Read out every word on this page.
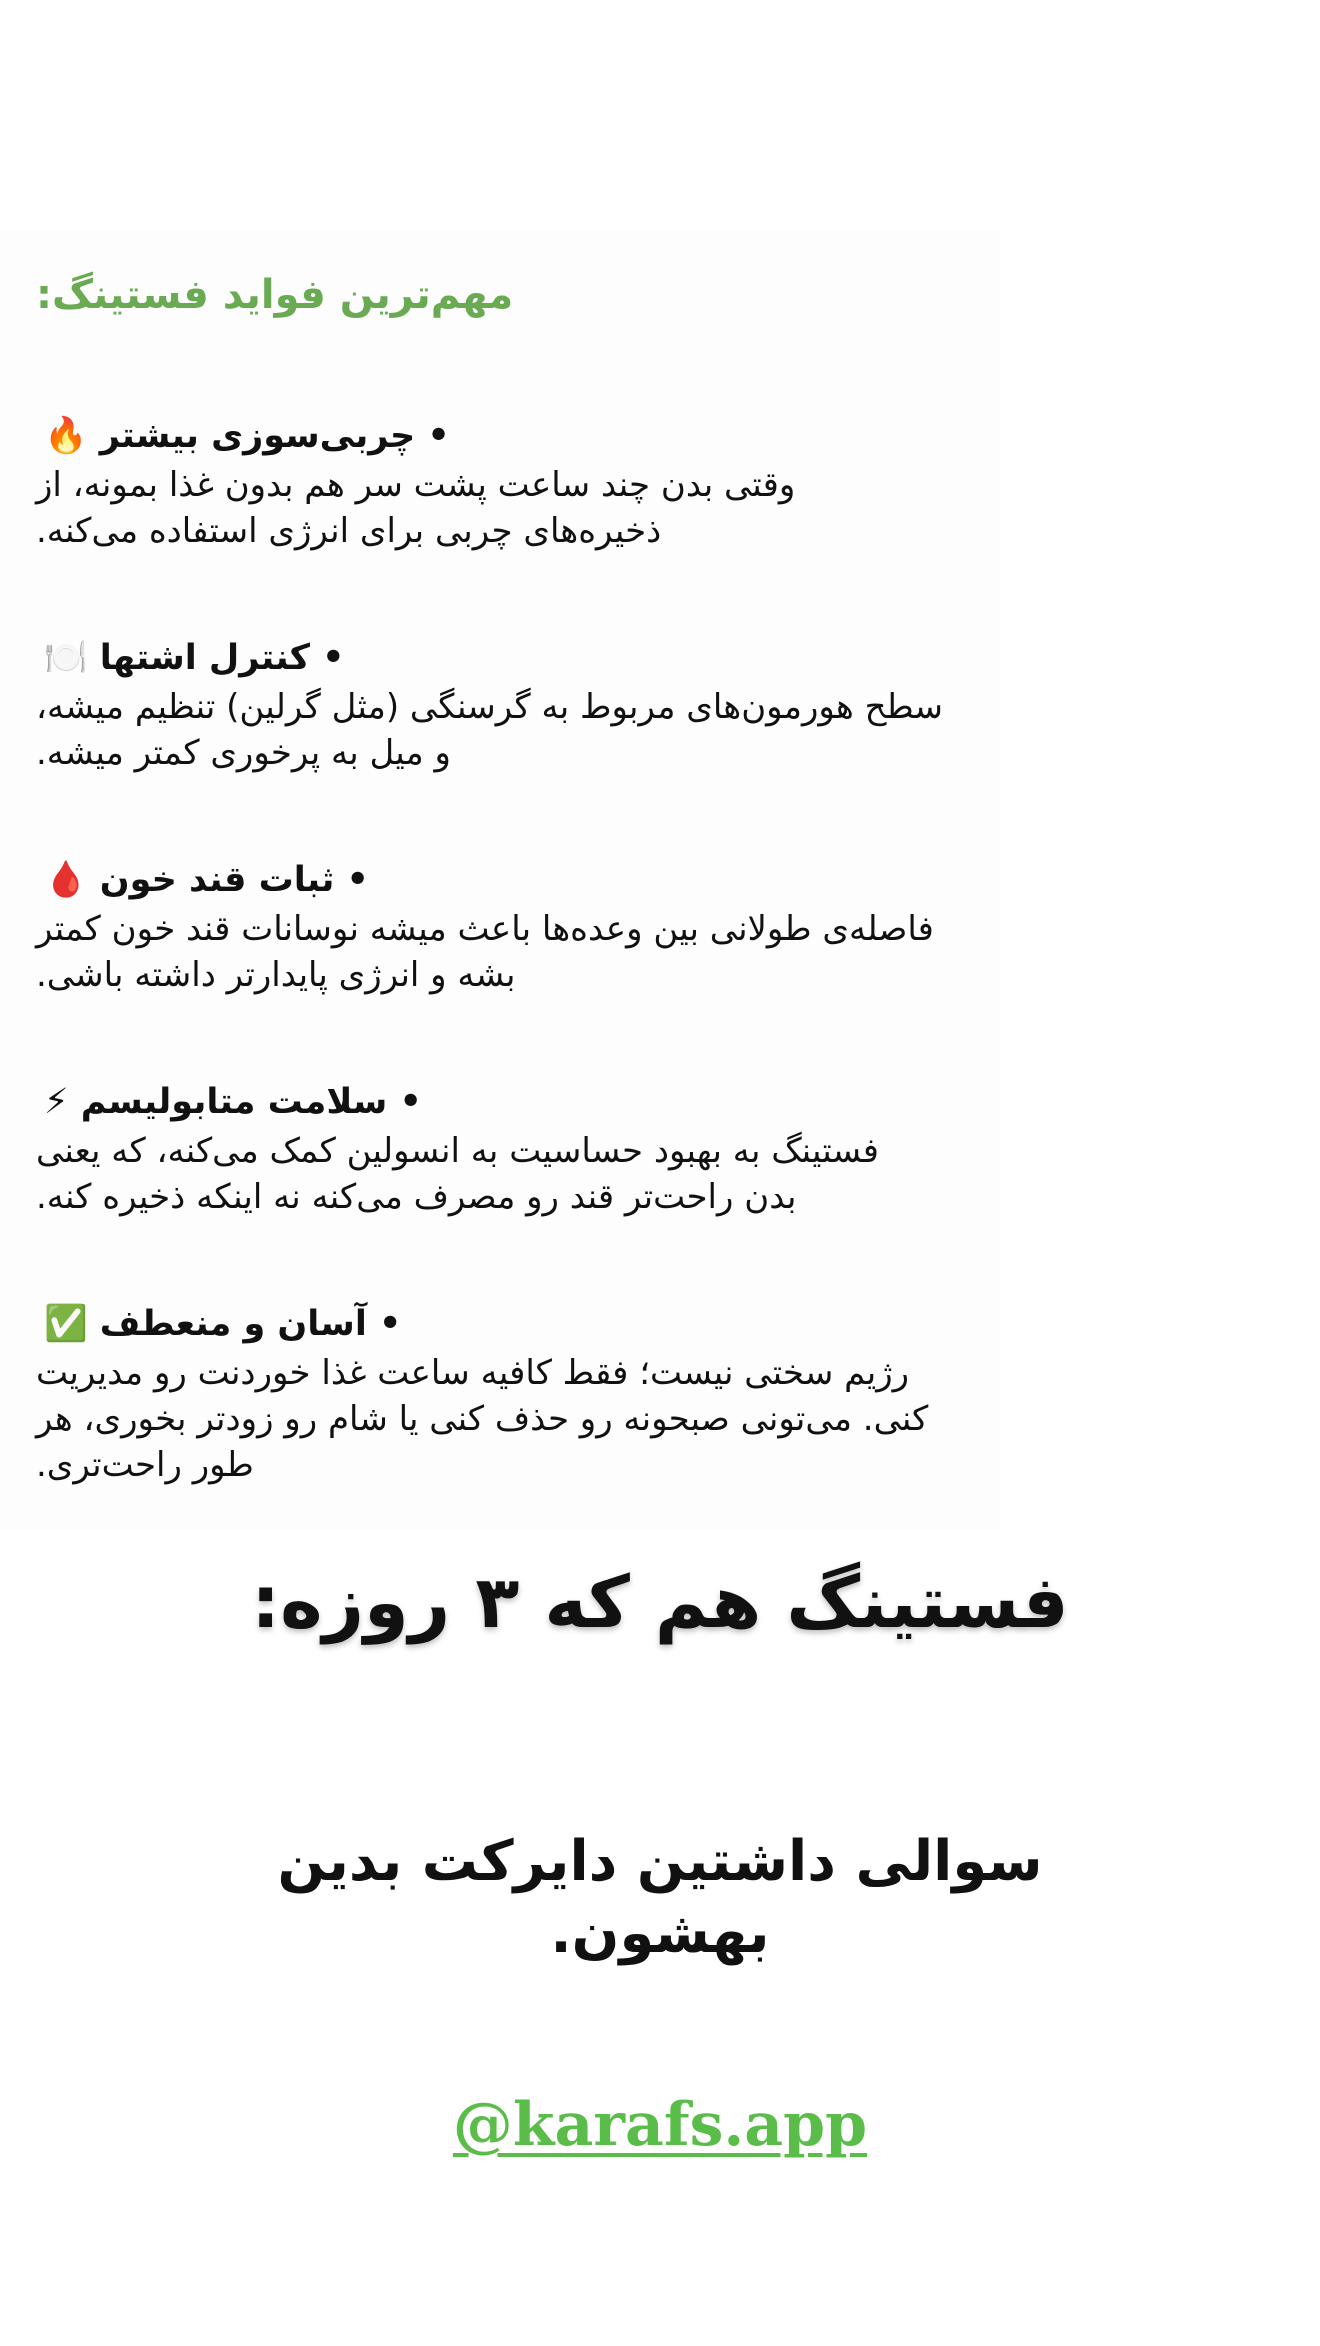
مهم‌ترین فواید فستینگ:

• چربی‌سوزی بیشتر 🔥

وقتی بدن چند ساعت پشت سر هم بدون غذا بمونه، از
ذخیره‌های چربی برای انرژی استفاده می‌کنه.

• کنترل اشتها 🍽️

سطح هورمون‌های مربوط به گرسنگی (مثل گرلین) تنظیم میشه،
و میل به پرخوری کمتر میشه.

• ثبات قند خون 🩸

فاصله‌ی طولانی بین وعده‌ها باعث میشه نوسانات قند خون کمتر
بشه و انرژی پایدارتر داشته باشی.

• سلامت متابولیسم ⚡

فستینگ به بهبود حساسیت به انسولین کمک می‌کنه، که یعنی
بدن راحت‌تر قند رو مصرف می‌کنه نه اینکه ذخیره کنه.

• آسان و منعطف ✅

رژیم سختی نیست؛ فقط کافیه ساعت غذا خوردنت رو مدیریت
کنی. می‌تونی صبحونه رو حذف کنی یا شام رو زودتر بخوری، هر
طور راحت‌تری.

فستینگ هم که ۳ روزه:

سوالی داشتین دایرکت بدین
بهشون.

@karafs.app
